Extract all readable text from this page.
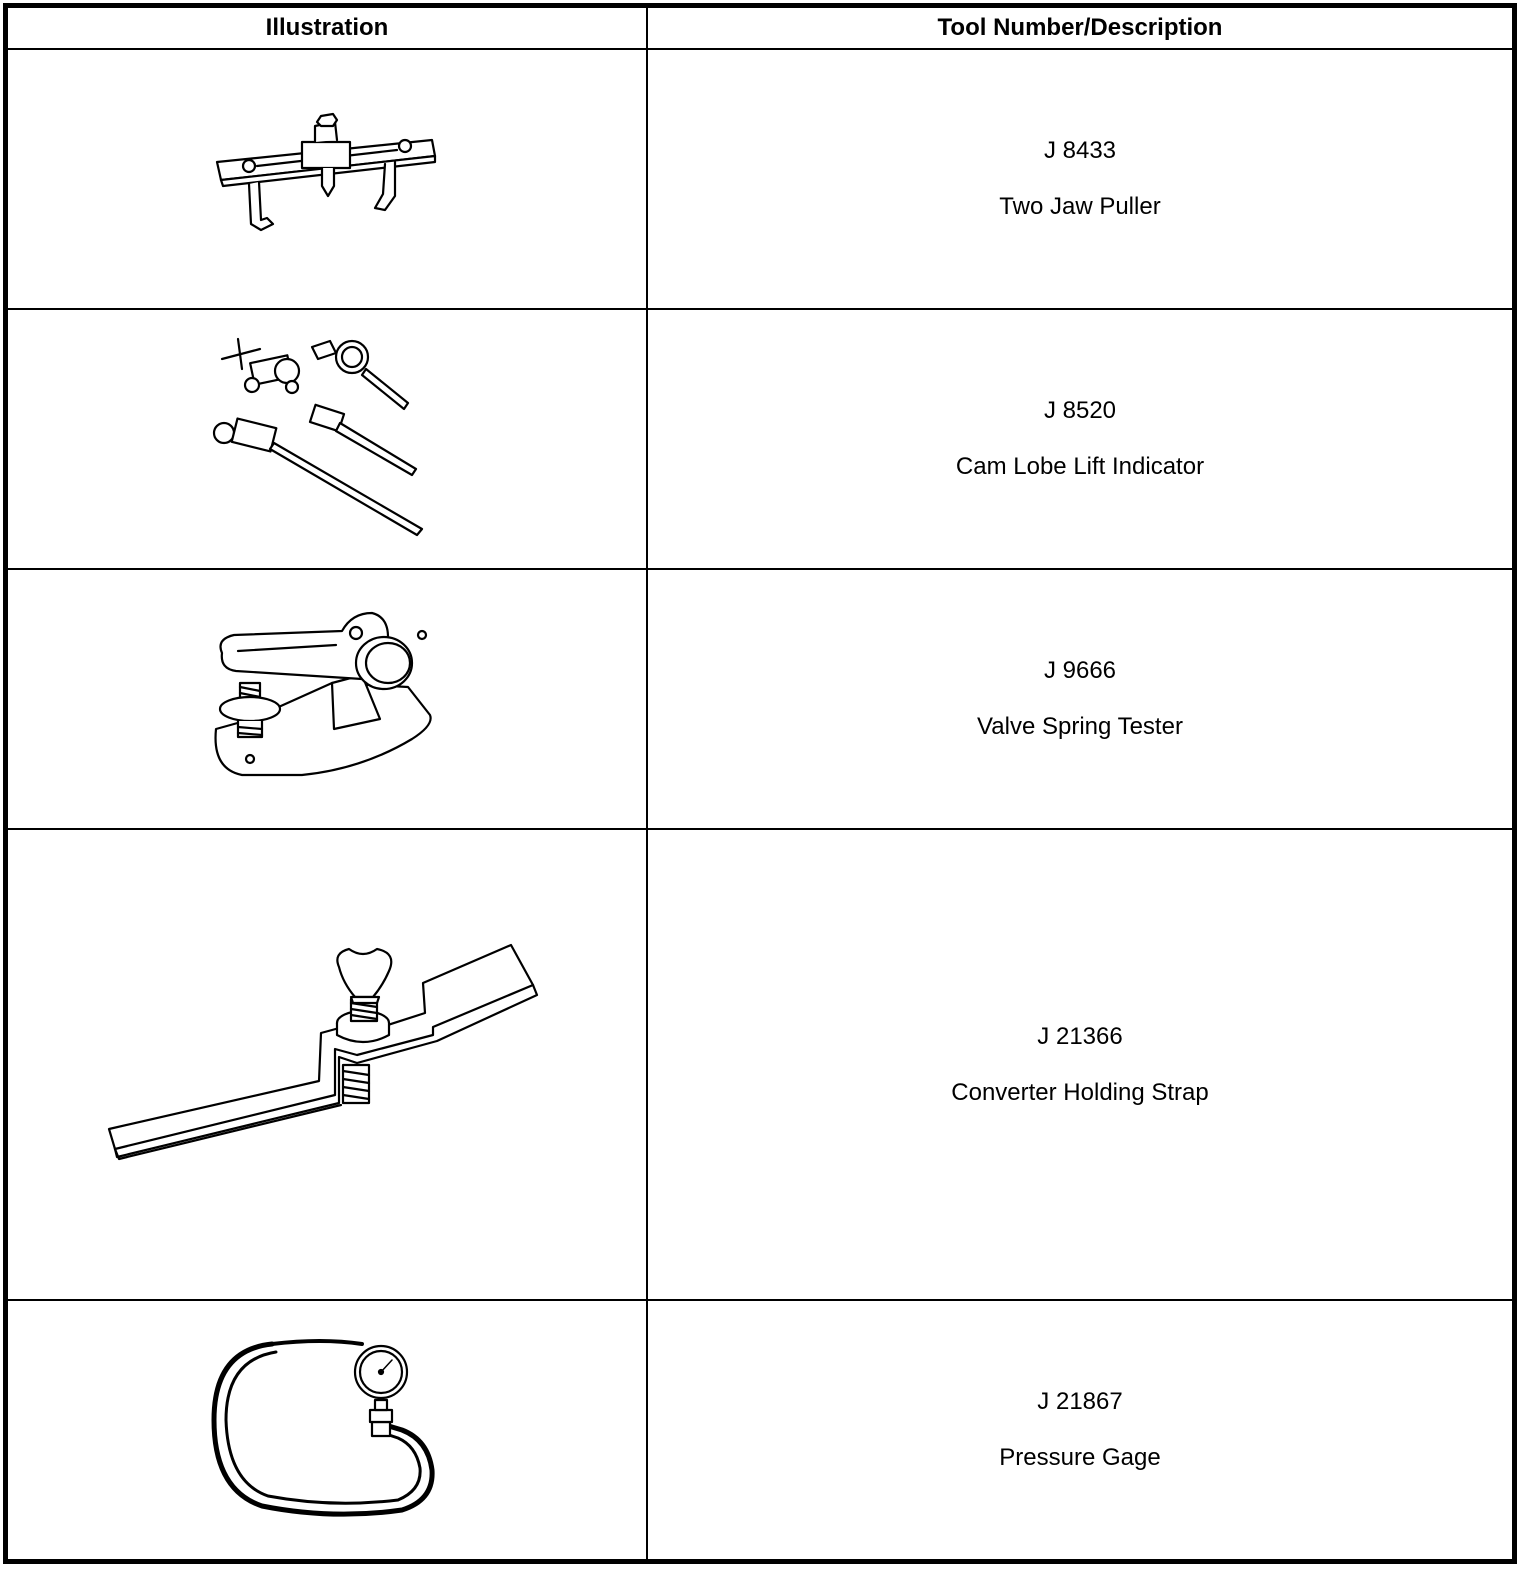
Illustration	Tool Number/Description

J 8433
Two Jaw Puller

J 8520
Cam Lobe Lift Indicator

J 9666
Valve Spring Tester

J 21366
Converter Holding Strap

J 21867
Pressure Gage
